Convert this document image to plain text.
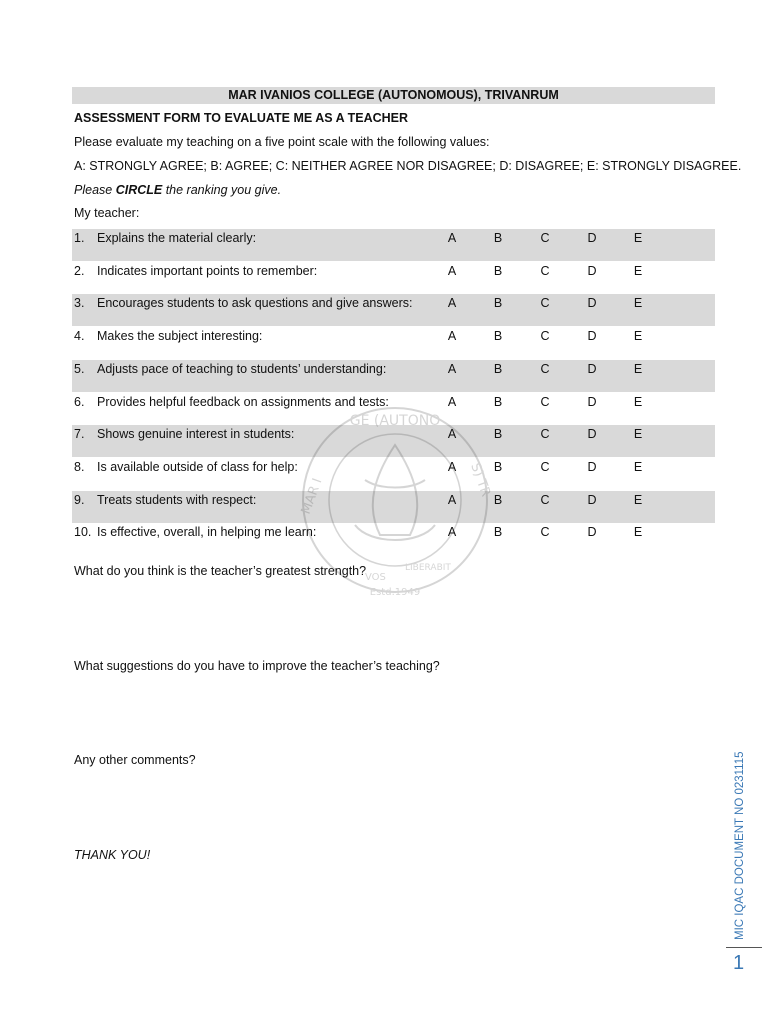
MAR IVANIOS COLLEGE (AUTONOMOUS), TRIVANRUM
ASSESSMENT FORM TO EVALUATE ME AS A TEACHER
Please evaluate my teaching on a five point scale with the following values:
A: STRONGLY AGREE; B: AGREE; C: NEITHER AGREE NOR DISAGREE; D: DISAGREE; E: STRONGLY DISAGREE.
Please CIRCLE the ranking you give.
My teacher:
1. Explains the material clearly:	A	B	C	D	E
2. Indicates important points to remember:	A	B	C	D	E
3. Encourages students to ask questions and give answers:	A	B	C	D	E
4. Makes the subject interesting:	A	B	C	D	E
5. Adjusts pace of teaching to students’ understanding:	A	B	C	D	E
6. Provides helpful feedback on assignments and tests:	A	B	C	D	E
7. Shows genuine interest in students:	A	B	C	D	E
8. Is available outside of class for help:	A	B	C	D	E
9. Treats students with respect:	A	B	C	D	E
10. Is effective, overall, in helping me learn:	A	B	C	D	E
GE (AUTONO
MAR I	S) TR
VOS
LIBERABIT
Estd.1949
What do you think is the teacher’s greatest strength?
What suggestions do you have to improve the teacher’s teaching?
Any other comments?
THANK YOU!	MIC IQAC DOCUMENT NO 0231115
1
